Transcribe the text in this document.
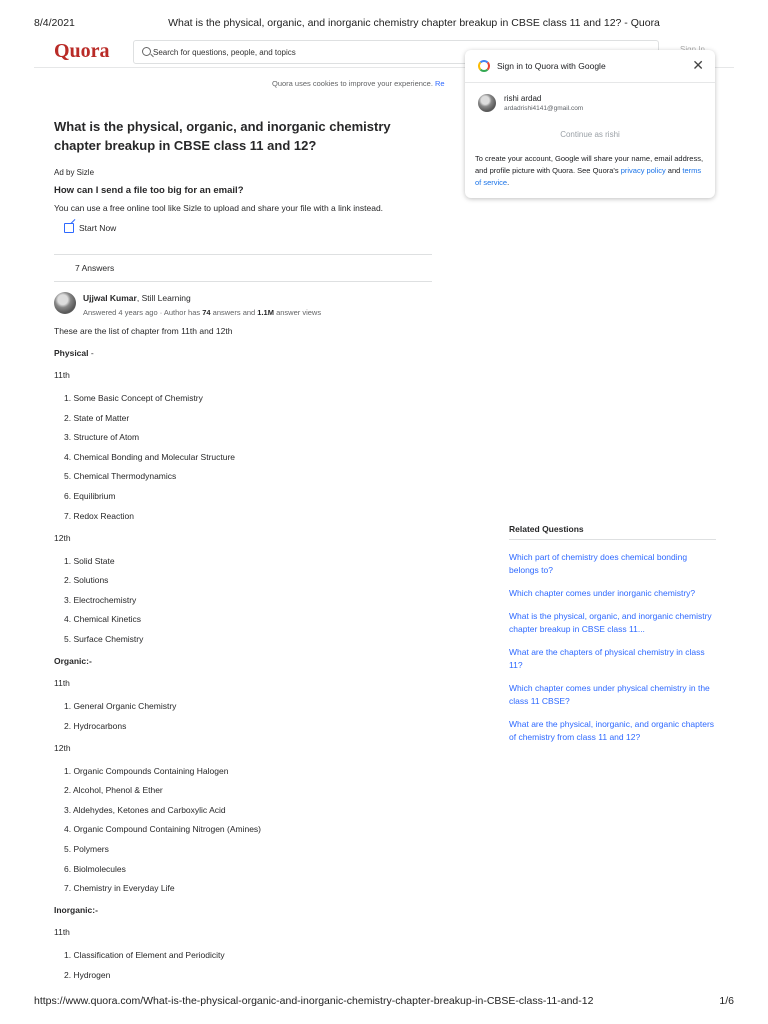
8/4/2021	What is the physical, organic, and inorganic chemistry chapter breakup in CBSE class 11 and 12? - Quora
Quora
Search for questions, people, and topics
Quora uses cookies to improve your experience. Re
What is the physical, organic, and inorganic chemistry chapter breakup in CBSE class 11 and 12?
Ad by Sizle
How can I send a file too big for an email?
You can use a free online tool like Sizle to upload and share your file with a link instead.
Start Now
7 Answers
Ujjwal Kumar, Still Learning
Answered 4 years ago · Author has 74 answers and 1.1M answer views

These are the list of chapter from 11th and 12th

Physical -

11th

1. Some Basic Concept of Chemistry
2. State of Matter
3. Structure of Atom
4. Chemical Bonding and Molecular Structure
5. Chemical Thermodynamics
6. Equilibrium
7. Redox Reaction

12th

1. Solid State
2. Solutions
3. Electrochemistry
4. Chemical Kinetics
5. Surface Chemistry

Organic:-

11th

1. General Organic Chemistry
2. Hydrocarbons

12th

1. Organic Compounds Containing Halogen
2. Alcohol, Phenol & Ether
3. Aldehydes, Ketones and Carboxylic Acid
4. Organic Compound Containing Nitrogen (Amines)
5. Polymers
6. Biolmolecules
7. Chemistry in Everyday Life

Inorganic:-

11th

1. Classification of Element and Periodicity
2. Hydrogen
Sign in to Quora with Google	✕
rishi ardad
ardadrishi4141@gmail.com
Continue as rishi
To create your account, Google will share your name, email address, and profile picture with Quora. See Quora's privacy policy and terms of service.
Related Questions
Which part of chemistry does chemical bonding belongs to?
Which chapter comes under inorganic chemistry?
What is the physical, organic, and inorganic chemistry chapter breakup in CBSE class 11...
What are the chapters of physical chemistry in class 11?
Which chapter comes under physical chemistry in the class 11 CBSE?
What are the physical, inorganic, and organic chapters of chemistry from class 11 and 12?
https://www.quora.com/What-is-the-physical-organic-and-inorganic-chemistry-chapter-breakup-in-CBSE-class-11-and-12	1/6
